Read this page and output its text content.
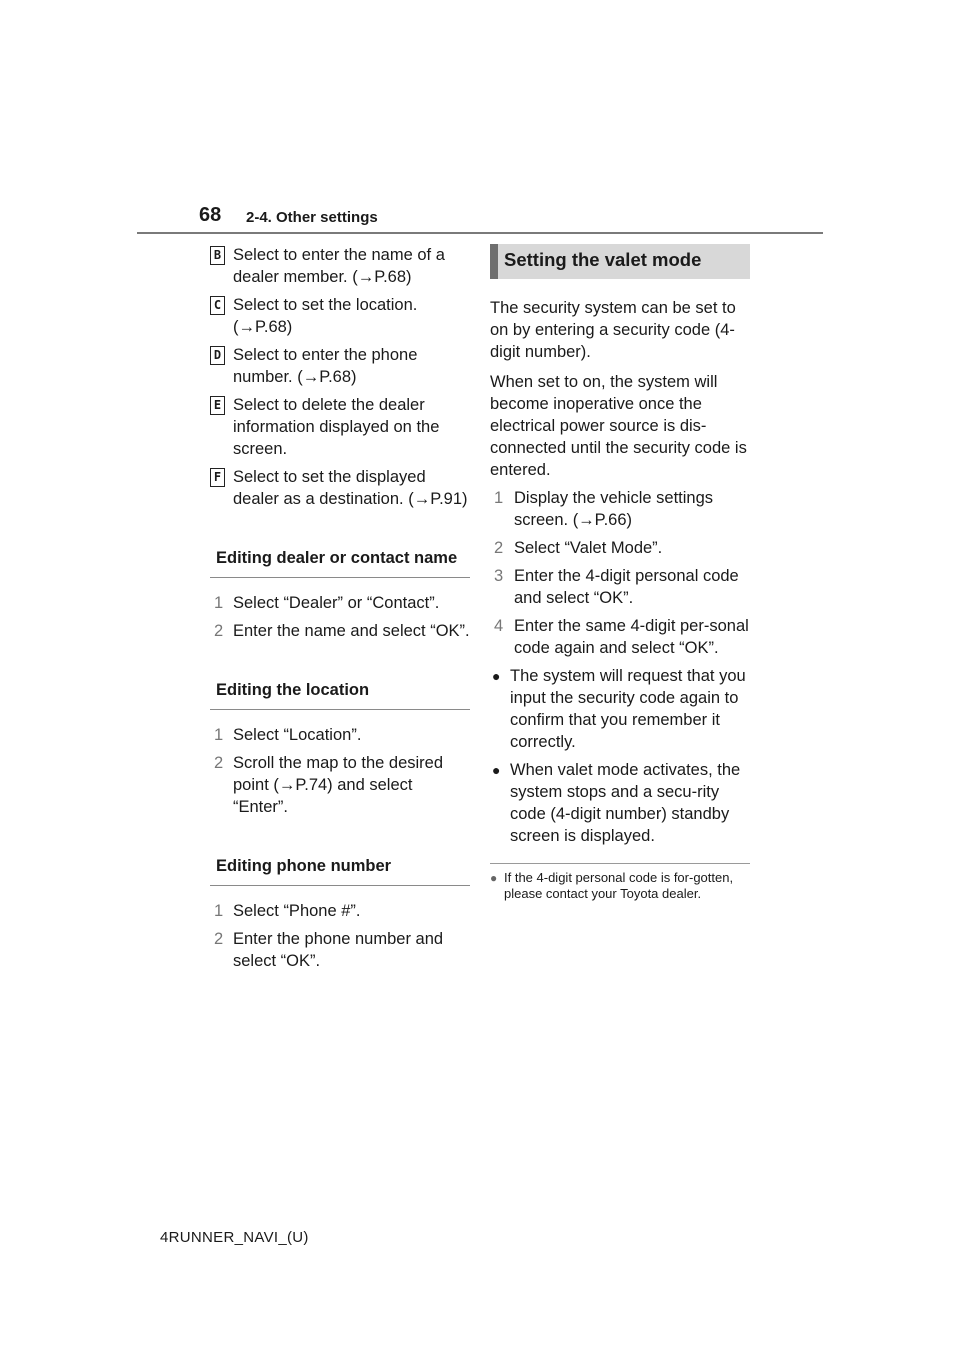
68 2-4. Other settings
B Select to enter the name of a dealer member. (→P.68)
C Select to set the location. (→P.68)
D Select to enter the phone number. (→P.68)
E Select to delete the dealer information displayed on the screen.
F Select to set the displayed dealer as a destination. (→P.91)
Editing dealer or contact name
1 Select “Dealer” or “Contact”.
2 Enter the name and select “OK”.
Editing the location
1 Select “Location”.
2 Scroll the map to the desired point (→P.74) and select “Enter”.
Editing phone number
1 Select “Phone #”.
2 Enter the phone number and select “OK”.
Setting the valet mode
The security system can be set to on by entering a security code (4-digit number).
When set to on, the system will become inoperative once the electrical power source is dis-connected until the security code is entered.
1 Display the vehicle settings screen. (→P.66)
2 Select “Valet Mode”.
3 Enter the 4-digit personal code and select “OK”.
4 Enter the same 4-digit per-sonal code again and select “OK”.
● The system will request that you input the security code again to confirm that you remember it correctly.
● When valet mode activates, the system stops and a secu-rity code (4-digit number) standby screen is displayed.
● If the 4-digit personal code is for-gotten, please contact your Toyota dealer.
4RUNNER_NAVI_(U)
